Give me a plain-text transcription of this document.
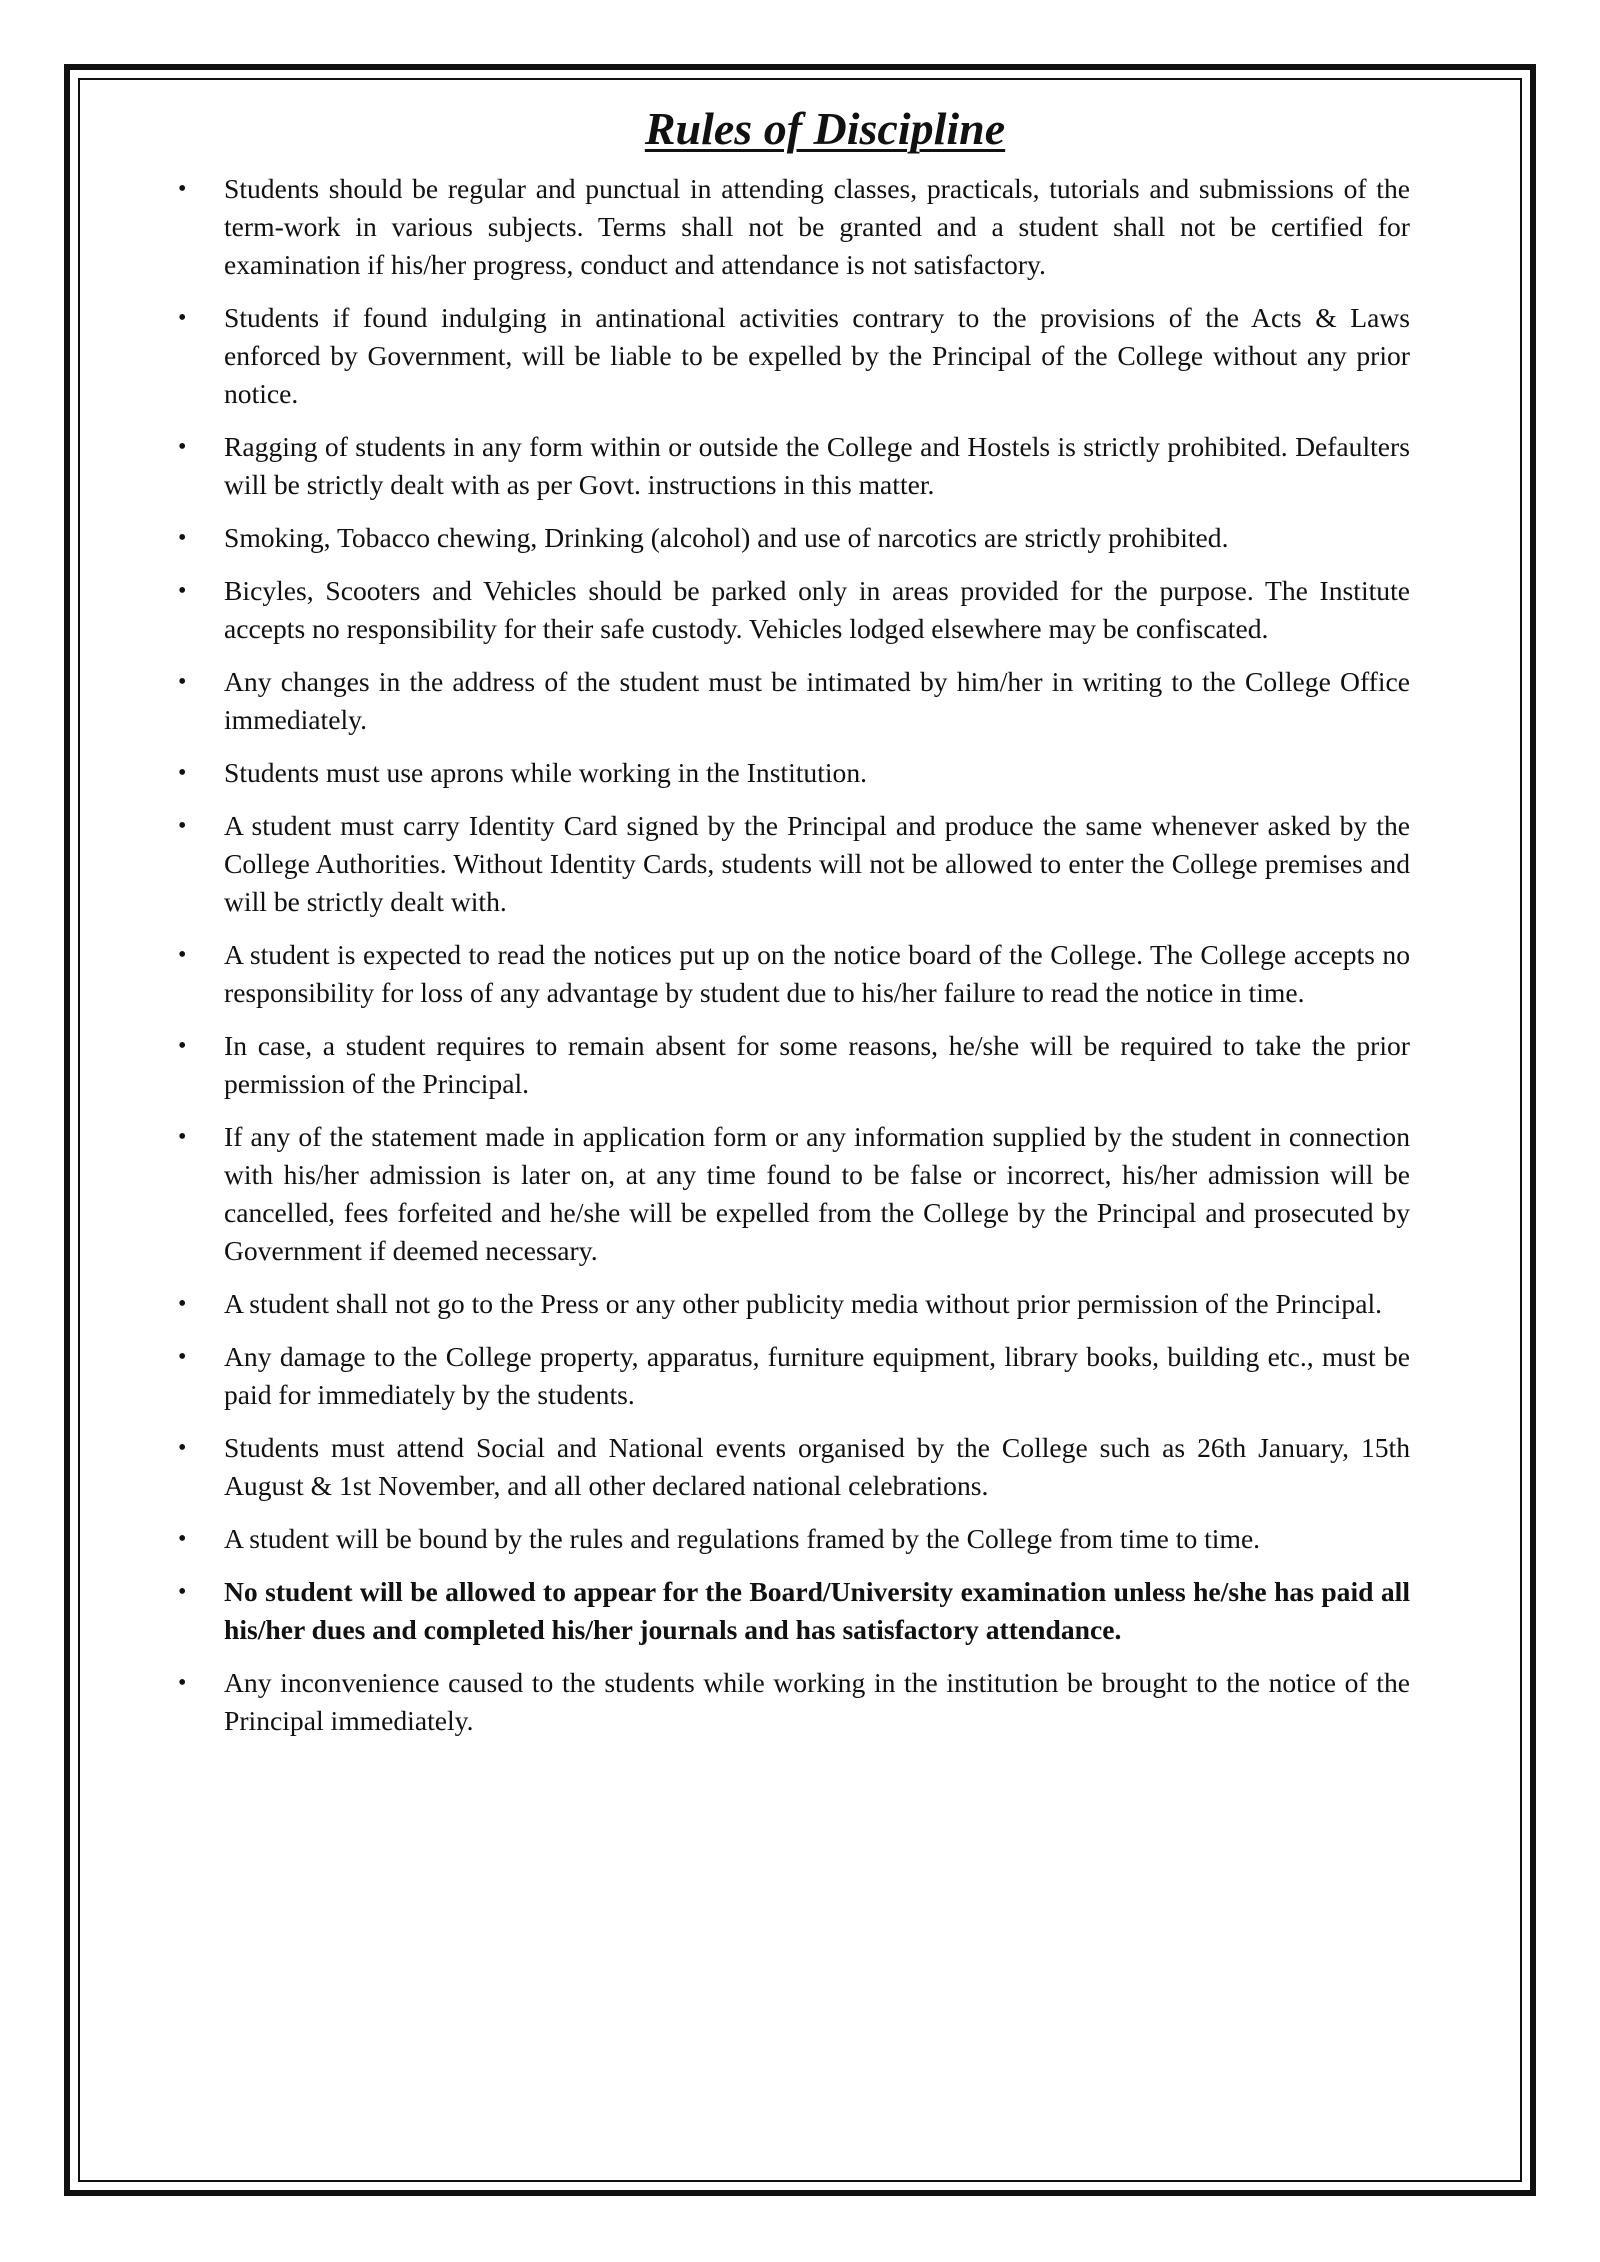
Rules of Discipline
• Students should be regular and punctual in attending classes, practicals, tutorials and submissions of the term-work in various subjects. Terms shall not be granted and a student shall not be certified for examination if his/her progress, conduct and attendance is not satisfactory.
• Students if found indulging in antinational activities contrary to the provisions of the Acts & Laws enforced by Government, will be liable to be expelled by the Principal of the College without any prior notice.
• Ragging of students in any form within or outside the College and Hostels is strictly prohibited. Defaulters will be strictly dealt with as per Govt. instructions in this matter.
• Smoking, Tobacco chewing, Drinking (alcohol) and use of narcotics are strictly prohibited.
• Bicyles, Scooters and Vehicles should be parked only in areas provided for the purpose. The Institute accepts no responsibility for their safe custody. Vehicles lodged elsewhere may be confiscated.
• Any changes in the address of the student must be intimated by him/her in writing to the College Office immediately.
• Students must use aprons while working in the Institution.
• A student must carry Identity Card signed by the Principal and produce the same whenever asked by the College Authorities. Without Identity Cards, students will not be allowed to enter the College premises and will be strictly dealt with.
• A student is expected to read the notices put up on the notice board of the College. The College accepts no responsibility for loss of any advantage by student due to his/her failure to read the notice in time.
• In case, a student requires to remain absent for some reasons, he/she will be required to take the prior permission of the Principal.
• If any of the statement made in application form or any information supplied by the student in connection with his/her admission is later on, at any time found to be false or incorrect, his/her admission will be cancelled, fees forfeited and he/she will be expelled from the College by the Principal and prosecuted by Government if deemed necessary.
• A student shall not go to the Press or any other publicity media without prior permission of the Principal.
• Any damage to the College property, apparatus, furniture equipment, library books, building etc., must be paid for immediately by the students.
• Students must attend Social and National events organised by the College such as 26th January, 15th August & 1st November, and all other declared national celebrations.
• A student will be bound by the rules and regulations framed by the College from time to time.
• No student will be allowed to appear for the Board/University examination unless he/she has paid all his/her dues and completed his/her journals and has satisfactory attendance.
• Any inconvenience caused to the students while working in the institution be brought to the notice of the Principal immediately.
